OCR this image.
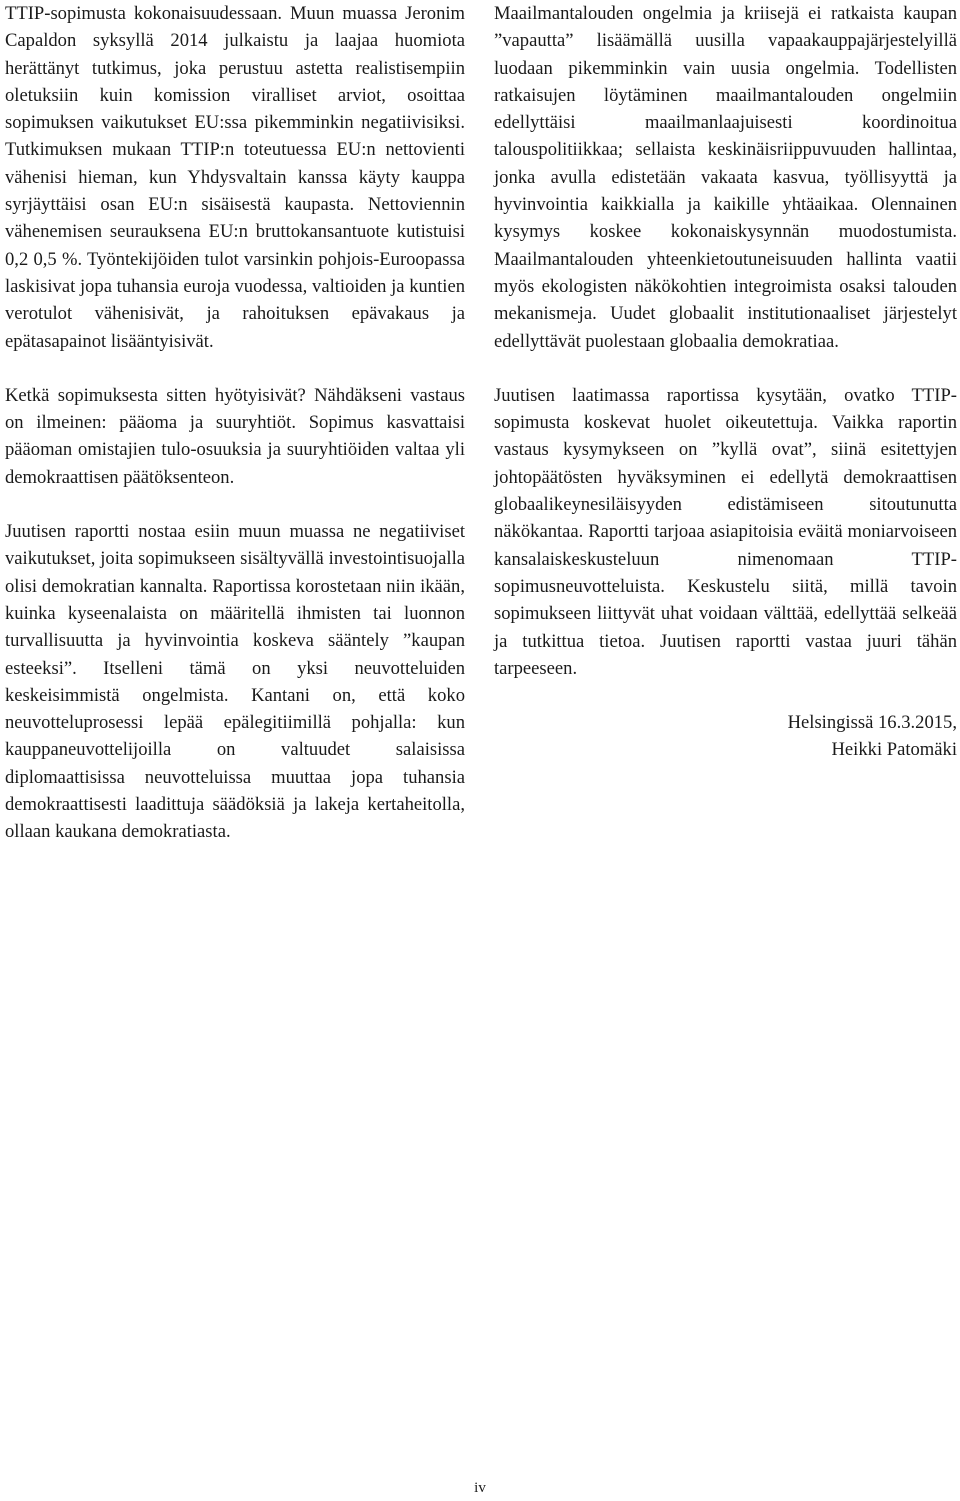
TTIP-sopimusta kokonaisuudessaan. Muun muassa Jeronim Capaldon syksyllä 2014 julkaistu ja laajaa huomiota herättänyt tutkimus, joka perustuu astetta realistisempiin oletuksiin kuin komission viralliset arviot, osoittaa sopimuksen vaikutukset EU:ssa pikemminkin negatiivisiksi. Tutkimuksen mukaan TTIP:n toteutuessa EU:n nettovienti vähenisi hieman, kun Yhdysvaltain kanssa käyty kauppa syrjäyttäisi osan EU:n sisäisestä kaupasta. Nettoviennin vähenemisen seurauksena EU:n bruttokansantuote kutistuisi 0,2 0,5 %. Työntekijöiden tulot varsinkin pohjois-Euroopassa laskisivat jopa tuhansia euroja vuodessa, valtioiden ja kuntien verotulot vähenisivät, ja rahoituksen epävakaus ja epätasapainot lisääntyisivät.

Ketkä sopimuksesta sitten hyötyisivät? Nähdäkseni vastaus on ilmeinen: pääoma ja suuryhtiöt. Sopimus kasvattaisi pääoman omistajien tulo-osuuksia ja suuryhtiöiden valtaa yli demokraattisen päätöksenteon.

Juutisen raportti nostaa esiin muun muassa ne negatiiviset vaikutukset, joita sopimukseen sisältyvällä investointisuojalla olisi demokratian kannalta. Raportissa korostetaan niin ikään, kuinka kyseenalaista on määritellä ihmisten tai luonnon turvallisuutta ja hyvinvointia koskeva sääntely ”kaupan esteeksi”. Itselleni tämä on yksi neuvotteluiden keskeisimmistä ongelmista. Kantani on, että koko neuvotteluprosessi lepää epälegitiimillä pohjalla: kun kauppaneuvottelijoilla on valtuudet salaisissa diplomaattisissa neuvotteluissa muuttaa jopa tuhansia demokraattisesti laadittuja säädöksiä ja lakeja kertaheitolla, ollaan kaukana demokratiasta.

Maailmantalouden ongelmia ja kriisejä ei ratkaista kaupan ”vapautta” lisäämällä uusilla vapaakauppajärjestelyillä luodaan pikemminkin vain uusia ongelmia. Todellisten ratkaisujen löytäminen maailmantalouden ongelmiin edellyttäisi maailmanlaajuisesti koordinoitua talouspolitiikkaa; sellaista keskinäisriippuvuuden hallintaa, jonka avulla edistetään vakaata kasvua, työllisyyttä ja hyvinvointia kaikkialla ja kaikille yhtäaikaa. Olennainen kysymys koskee kokonaiskysynnän muodostumista. Maailmantalouden yhteenkietoutuneisuuden hallinta vaatii myös ekologisten näkökohtien integroimista osaksi talouden mekanismeja. Uudet globaalit institutionaaliset järjestelyt edellyttävät puolestaan globaalia demokratiaa.

Juutisen laatimassa raportissa kysytään, ovatko TTIP-sopimusta koskevat huolet oikeutettuja. Vaikka raportin vastaus kysymykseen on ”kyllä ovat”, siinä esitettyjen johtopäätösten hyväksyminen ei edellytä demokraattisen globaalikeynesiläisyyden edistämiseen sitoutunutta näkökantaa. Raportti tarjoaa asiapitoisia eväitä moniarvoiseen kansalaiskeskusteluun nimenomaan TTIP-sopimusneuvotteluista. Keskustelu siitä, millä tavoin sopimukseen liittyvät uhat voidaan välttää, edellyttää selkeää ja tutkittua tietoa. Juutisen raportti vastaa juuri tähän tarpeeseen.

Helsingissä 16.3.2015,
Heikki Patomäki
iv
